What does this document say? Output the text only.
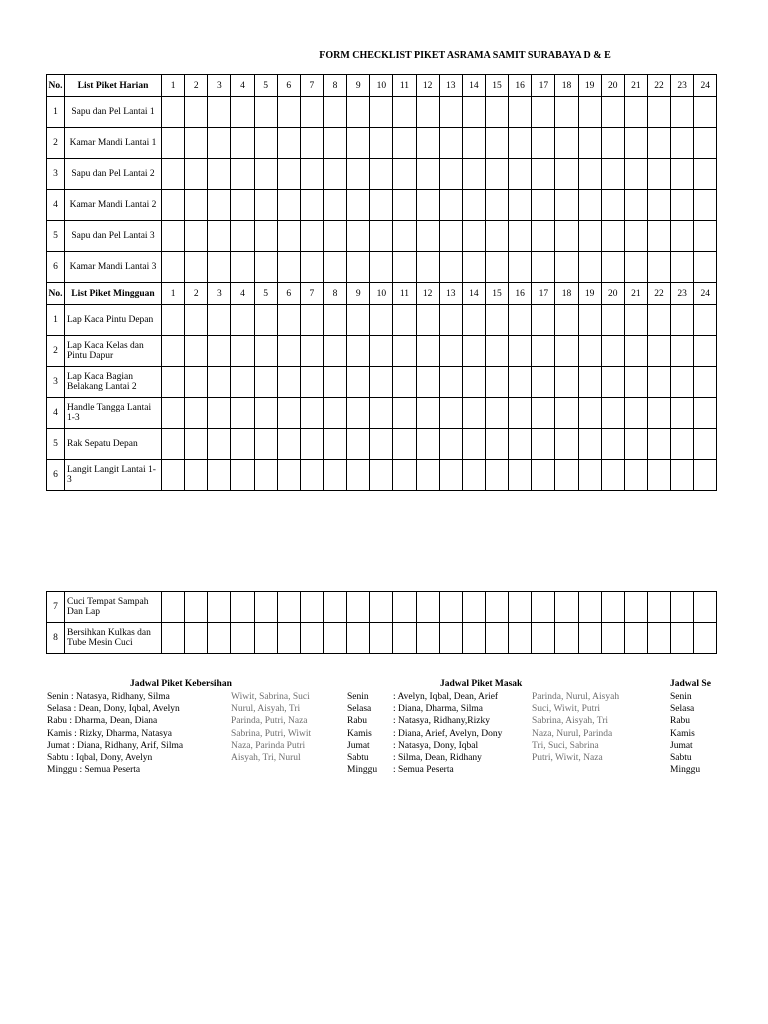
FORM CHECKLIST PIKET ASRAMA SAMIT SURABAYA D & E
No.	List Piket Harian	1	2	3	4	5	6	7	8	9	10	11	12	13	14	15	16	17	18	19	20	21	22	23	24
1	Sapu dan Pel Lantai 1																								
2	Kamar Mandi Lantai 1																								
3	Sapu dan Pel Lantai 2																								
4	Kamar Mandi Lantai 2																								
5	Sapu dan Pel Lantai 3																								
6	Kamar Mandi Lantai 3																								
No.	List Piket Mingguan	1	2	3	4	5	6	7	8	9	10	11	12	13	14	15	16	17	18	19	20	21	22	23	24
1	Lap Kaca Pintu Depan																								
2	Lap Kaca Kelas dan Pintu Dapur																								
3	Lap Kaca Bagian Belakang Lantai 2																								
4	Handle Tangga Lantai 1-3																								
5	Rak Sepatu Depan																								
6	Langit Langit Lantai 1-3																								
7	Cuci Tempat Sampah Dan Lap																								
8	Bersihkan Kulkas dan Tube Mesin Cuci																								
Jadwal Piket Kebersihan
Senin : Natasya, Ridhany, Silma	Wiwit, Sabrina, Suci
Selasa : Dean, Dony, Iqbal, Avelyn	Nurul, Aisyah, Tri
Rabu : Dharma, Dean, Diana	Parinda, Putri, Naza
Kamis : Rizky, Dharma, Natasya	Sabrina, Putri, Wiwit
Jumat : Diana, Ridhany, Arif, Silma	Naza, Parinda Putri
Sabtu : Iqbal, Dony, Avelyn	Aisyah, Tri, Nurul
Minggu : Semua Peserta
Jadwal Piket Masak
Senin	: Avelyn, Iqbal, Dean, Arief	Parinda, Nurul, Aisyah
Selasa : Diana, Dharma, Silma	Suci, Wiwit, Putri
Rabu	: Natasya, Ridhany,Rizky	Sabrina, Aisyah, Tri
Kamis : Diana, Arief, Avelyn, Dony	Naza, Nurul, Parinda
Jumat : Natasya, Dony, Iqbal	Tri, Suci, Sabrina
Sabtu	: Silma, Dean, Ridhany	Putri, Wiwit, Naza
Minggu : Semua Peserta
Jadwal Se
Senin
Selasa
Rabu
Kamis
Jumat
Sabtu
Minggu
